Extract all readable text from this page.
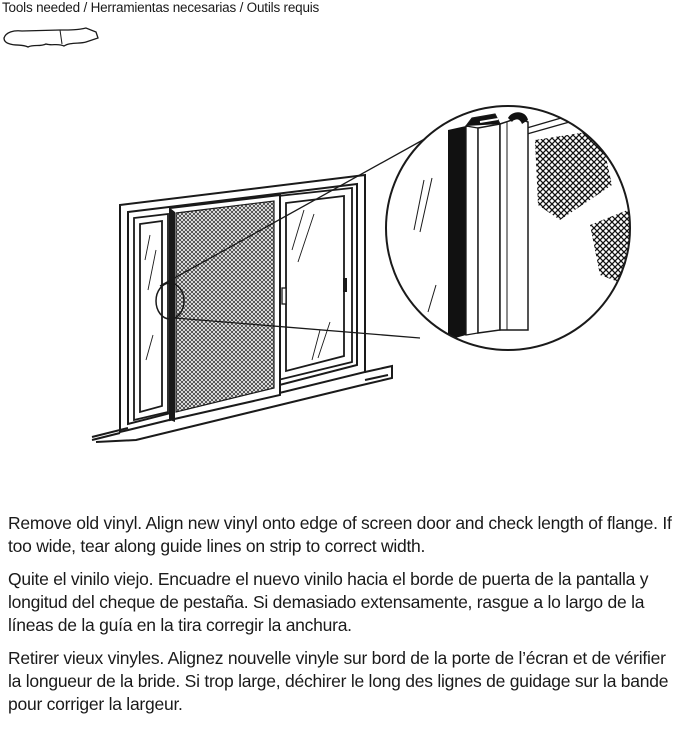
Tools needed / Herramientas necesarias / Outils requis

Remove old vinyl. Align new vinyl onto edge of screen door and check length of flange. If too wide, tear along guide lines on strip to correct width.

Quite el vinilo viejo. Encuadre el nuevo vinilo hacia el borde de puerta de la pantalla y longitud del cheque de pestaña. Si demasiado extensamente, rasgue a lo largo de la líneas de la guía en la tira corregir la anchura.

Retirer vieux vinyles. Alignez nouvelle vinyle sur bord de la porte de l’écran et de vérifier la longueur de la bride. Si trop large, déchirer le long des lignes de guidage sur la bande pour corriger la largeur.
